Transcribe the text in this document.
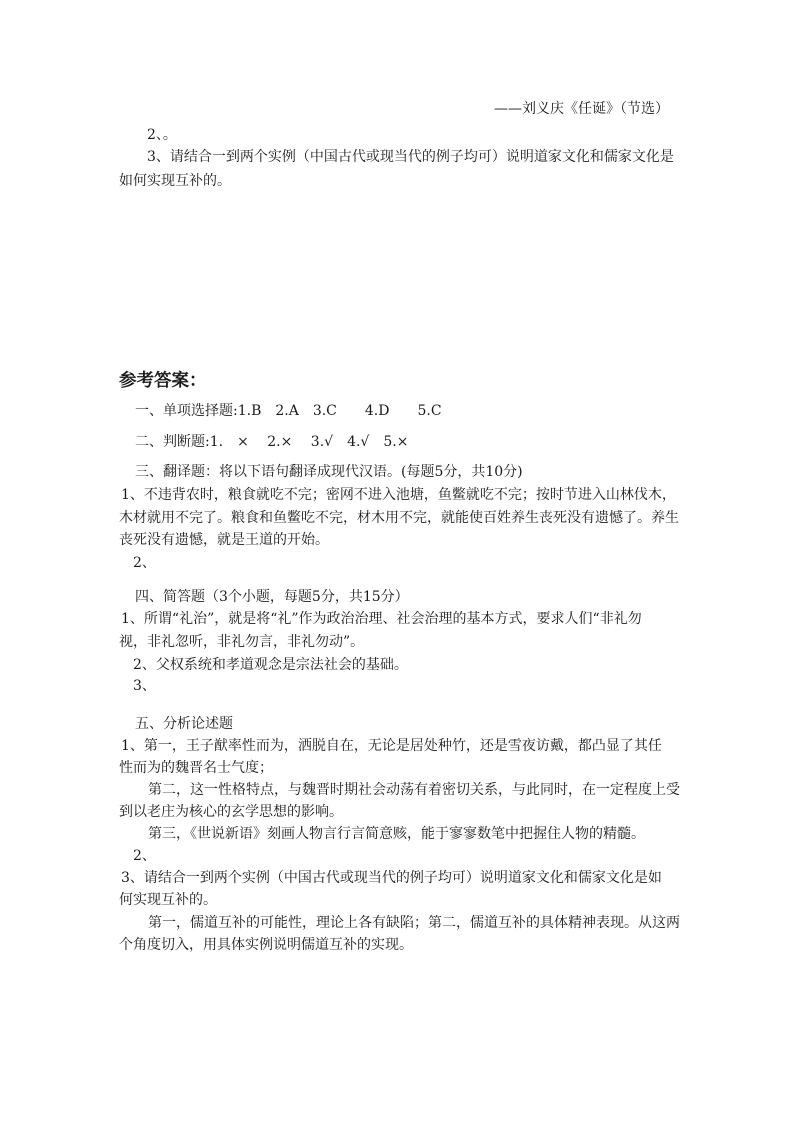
——刘义庆《任诞》（节选）
2、。
3、请结合一到两个实例（中国古代或现当代的例子均可）说明道家文化和儒家文化是
如何实现互补的。
参考答案：
一、单项选择题:1.B　2.A　3.C　　4.D　　5.C
二、判断题:1.　×　 2.×　 3.√　4.√　5.×
三、翻译题：将以下语句翻译成现代汉语。(每题5分，共10分)
1、不违背农时，粮食就吃不完；密网不进入池塘，鱼鳖就吃不完；按时节进入山林伐木，
木材就用不完了。粮食和鱼鳖吃不完，材木用不完，就能使百姓养生丧死没有遗憾了。养生
丧死没有遗憾，就是王道的开始。
2、
四、简答题（3个小题，每题5分，共15分）
1、所谓“礼治”，就是将“礼”作为政治治理、社会治理的基本方式，要求人们“非礼勿
视，非礼忽听，非礼勿言，非礼勿动”。
2、父权系统和孝道观念是宗法社会的基础。
3、
五、分析论述题
1、第一，王子猷率性而为，洒脱自在，无论是居处种竹，还是雪夜访戴，都凸显了其任
性而为的魏晋名士气度；
第二，这一性格特点，与魏晋时期社会动荡有着密切关系，与此同时，在一定程度上受
到以老庄为核心的玄学思想的影响。
第三，《世说新语》刻画人物言行言简意赅，能于寥寥数笔中把握住人物的精髓。
2、
3、请结合一到两个实例（中国古代或现当代的例子均可）说明道家文化和儒家文化是如
何实现互补的。
第一，儒道互补的可能性，理论上各有缺陷；第二，儒道互补的具体精神表现。从这两
个角度切入，用具体实例说明儒道互补的实现。
